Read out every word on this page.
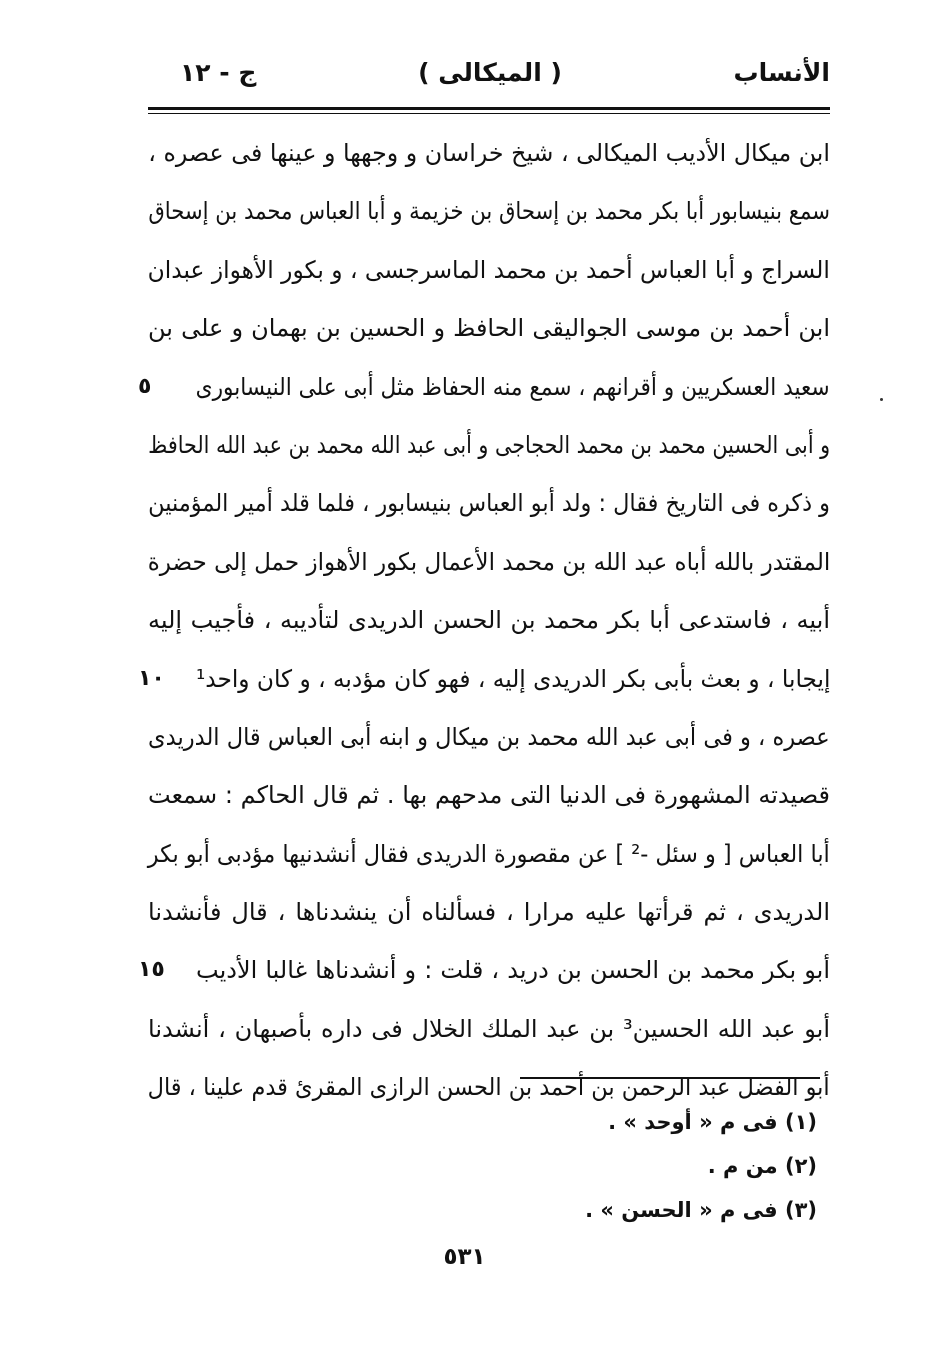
الأنساب
( الميكالى )
ج - ١٢
ابن ميكال الأديب الميكالى ، شيخ خراسان و وجهها و عينها فى عصره ،
سمع بنيسابور أبا بكر محمد بن إسحاق بن خزيمة و أبا العباس محمد بن إسحاق
السراج و أبا العباس أحمد بن محمد الماسرجسى ، و بكور الأهواز عبدان
ابن أحمد بن موسى الجواليقى الحافظ و الحسين بن بهمان و على بن
سعيد العسكريين و أقرانهم ، سمع منه الحفاظ مثل أبى على النيسابورى
٥
و أبى الحسين محمد بن محمد الحجاجى و أبى عبد الله محمد بن عبد الله الحافظ
و ذكره فى التاريخ فقال : ولد أبو العباس بنيسابور ، فلما قلد أمير المؤمنين
المقتدر بالله أباه عبد الله بن محمد الأعمال بكور الأهواز حمل إلى حضرة
أبيه ، فاستدعى أبا بكر محمد بن الحسن الدريدى لتأديبه ، فأجيب إليه
إيجابا ، و بعث بأبى بكر الدريدى إليه ، فهو كان مؤدبه ، و كان واحد¹
١٠
عصره ، و فى أبى عبد الله محمد بن ميكال و ابنه أبى العباس قال الدريدى
قصيدته المشهورة فى الدنيا التى مدحهم بها . ثم قال الحاكم : سمعت
أبا العباس [ و سئل -² ] عن مقصورة الدريدى فقال أنشدنيها مؤدبى أبو بكر
الدريدى ، ثم قرأتها عليه مرارا ، فسألناه أن ينشدناها ، قال فأنشدنا
أبو بكر محمد بن الحسن بن دريد ، قلت : و أنشدناها غالبا الأديب
١٥
أبو عبد الله الحسين³ بن عبد الملك الخلال فى داره بأصبهان ، أنشدنا
أبو الفضل عبد الرحمن بن أحمد بن الحسن الرازى المقرئ قدم علينا ، قال
(١) فى م « أوحد » .
(٢) من م .
(٣) فى م « الحسن » .
٥٣١
